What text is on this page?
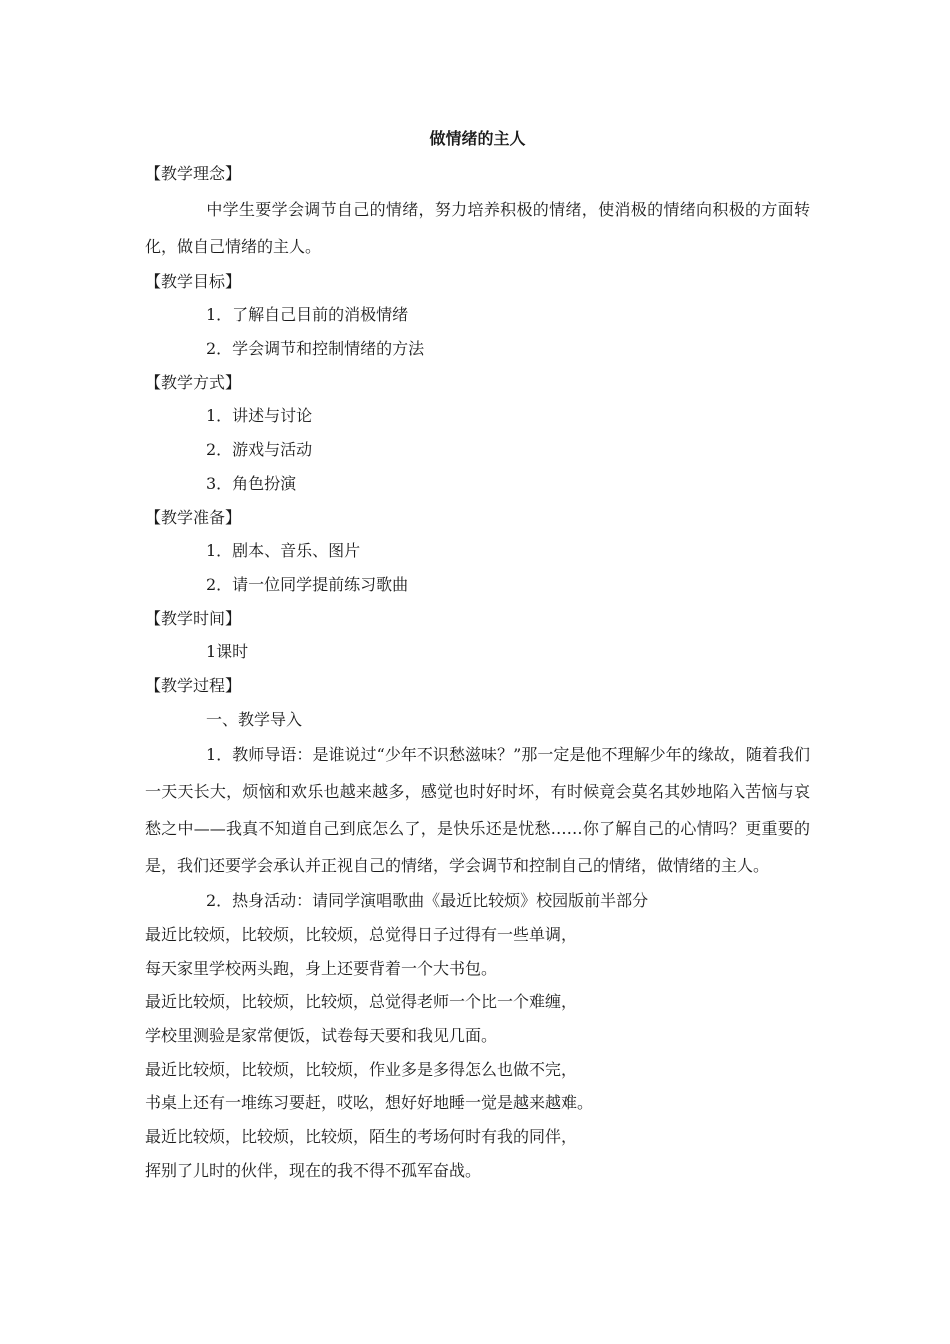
做情绪的主人
【教学理念】

中学生要学会调节自己的情绪，努力培养积极的情绪，使消极的情绪向积极的方面转化，做自己情绪的主人。

【教学目标】
1．了解自己目前的消极情绪
2．学会调节和控制情绪的方法
【教学方式】
1．讲述与讨论
2．游戏与活动
3．角色扮演
【教学准备】
1．剧本、音乐、图片
2．请一位同学提前练习歌曲
【教学时间】
1课时
【教学过程】
一、教学导入

1．教师导语：是谁说过“少年不识愁滋味？”那一定是他不理解少年的缘故，随着我们一天天长大，烦恼和欢乐也越来越多，感觉也时好时坏，有时候竟会莫名其妙地陷入苦恼与哀愁之中——我真不知道自己到底怎么了，是快乐还是忧愁……你了解自己的心情吗？更重要的是，我们还要学会承认并正视自己的情绪，学会调节和控制自己的情绪，做情绪的主人。

2．热身活动：请同学演唱歌曲《最近比较烦》校园版前半部分
最近比较烦，比较烦，比较烦，总觉得日子过得有一些单调，
每天家里学校两头跑，身上还要背着一个大书包。
最近比较烦，比较烦，比较烦，总觉得老师一个比一个难缠，
学校里测验是家常便饭，试卷每天要和我见几面。
最近比较烦，比较烦，比较烦，作业多是多得怎么也做不完，
书桌上还有一堆练习要赶，哎吆，想好好地睡一觉是越来越难。
最近比较烦，比较烦，比较烦，陌生的考场何时有我的同伴，
挥别了儿时的伙伴，现在的我不得不孤军奋战。
